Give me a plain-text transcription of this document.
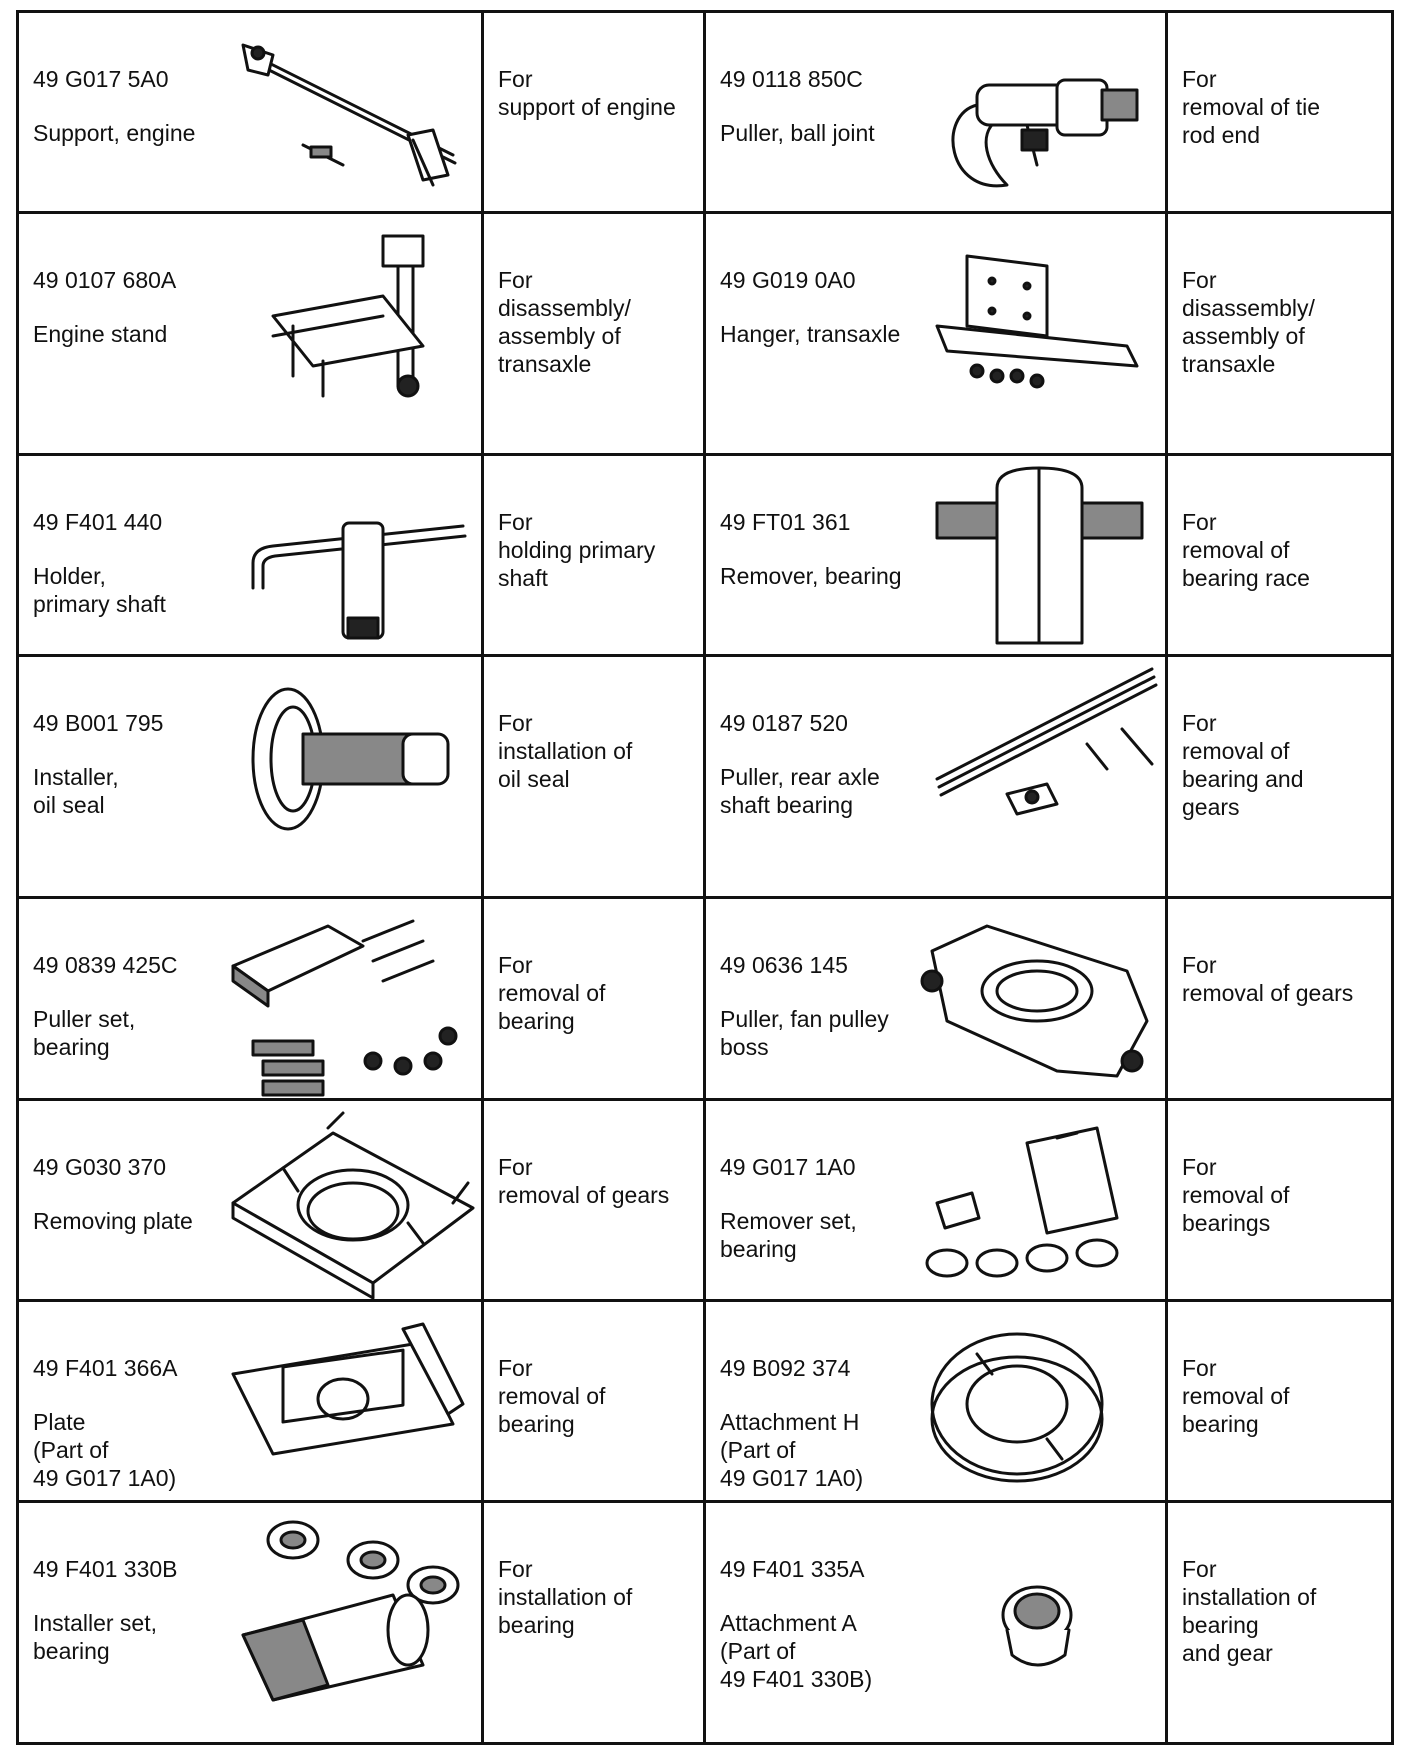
49 G017 5A0
Support, engine	For
support of engine	49 0118 850C
Puller, ball joint	For
removal of tie
rod end

49 0107 680A
Engine stand	For
disassembly/
assembly of
transaxle	49 G019 0A0
Hanger, transaxle	For
disassembly/
assembly of
transaxle

49 F401 440
Holder,
primary shaft	For
holding primary
shaft	49 FT01 361
Remover, bearing	For
removal of
bearing race

49 B001 795
Installer,
oil seal	For
installation of
oil seal	49 0187 520
Puller, rear axle
shaft bearing	For
removal of
bearing and
gears

49 0839 425C
Puller set,
bearing	For
removal of
bearing	49 0636 145
Puller, fan pulley
boss	For
removal of gears

49 G030 370
Removing plate	For
removal of gears	49 G017 1A0
Remover set,
bearing	For
removal of
bearings

49 F401 366A
Plate
(Part of
49 G017 1A0)	For
removal of
bearing	49 B092 374
Attachment H
(Part of
49 G017 1A0)	For
removal of
bearing

49 F401 330B
Installer set,
bearing	For
installation of
bearing	49 F401 335A
Attachment A
(Part of
49 F401 330B)	For
installation of
bearing
and gear
